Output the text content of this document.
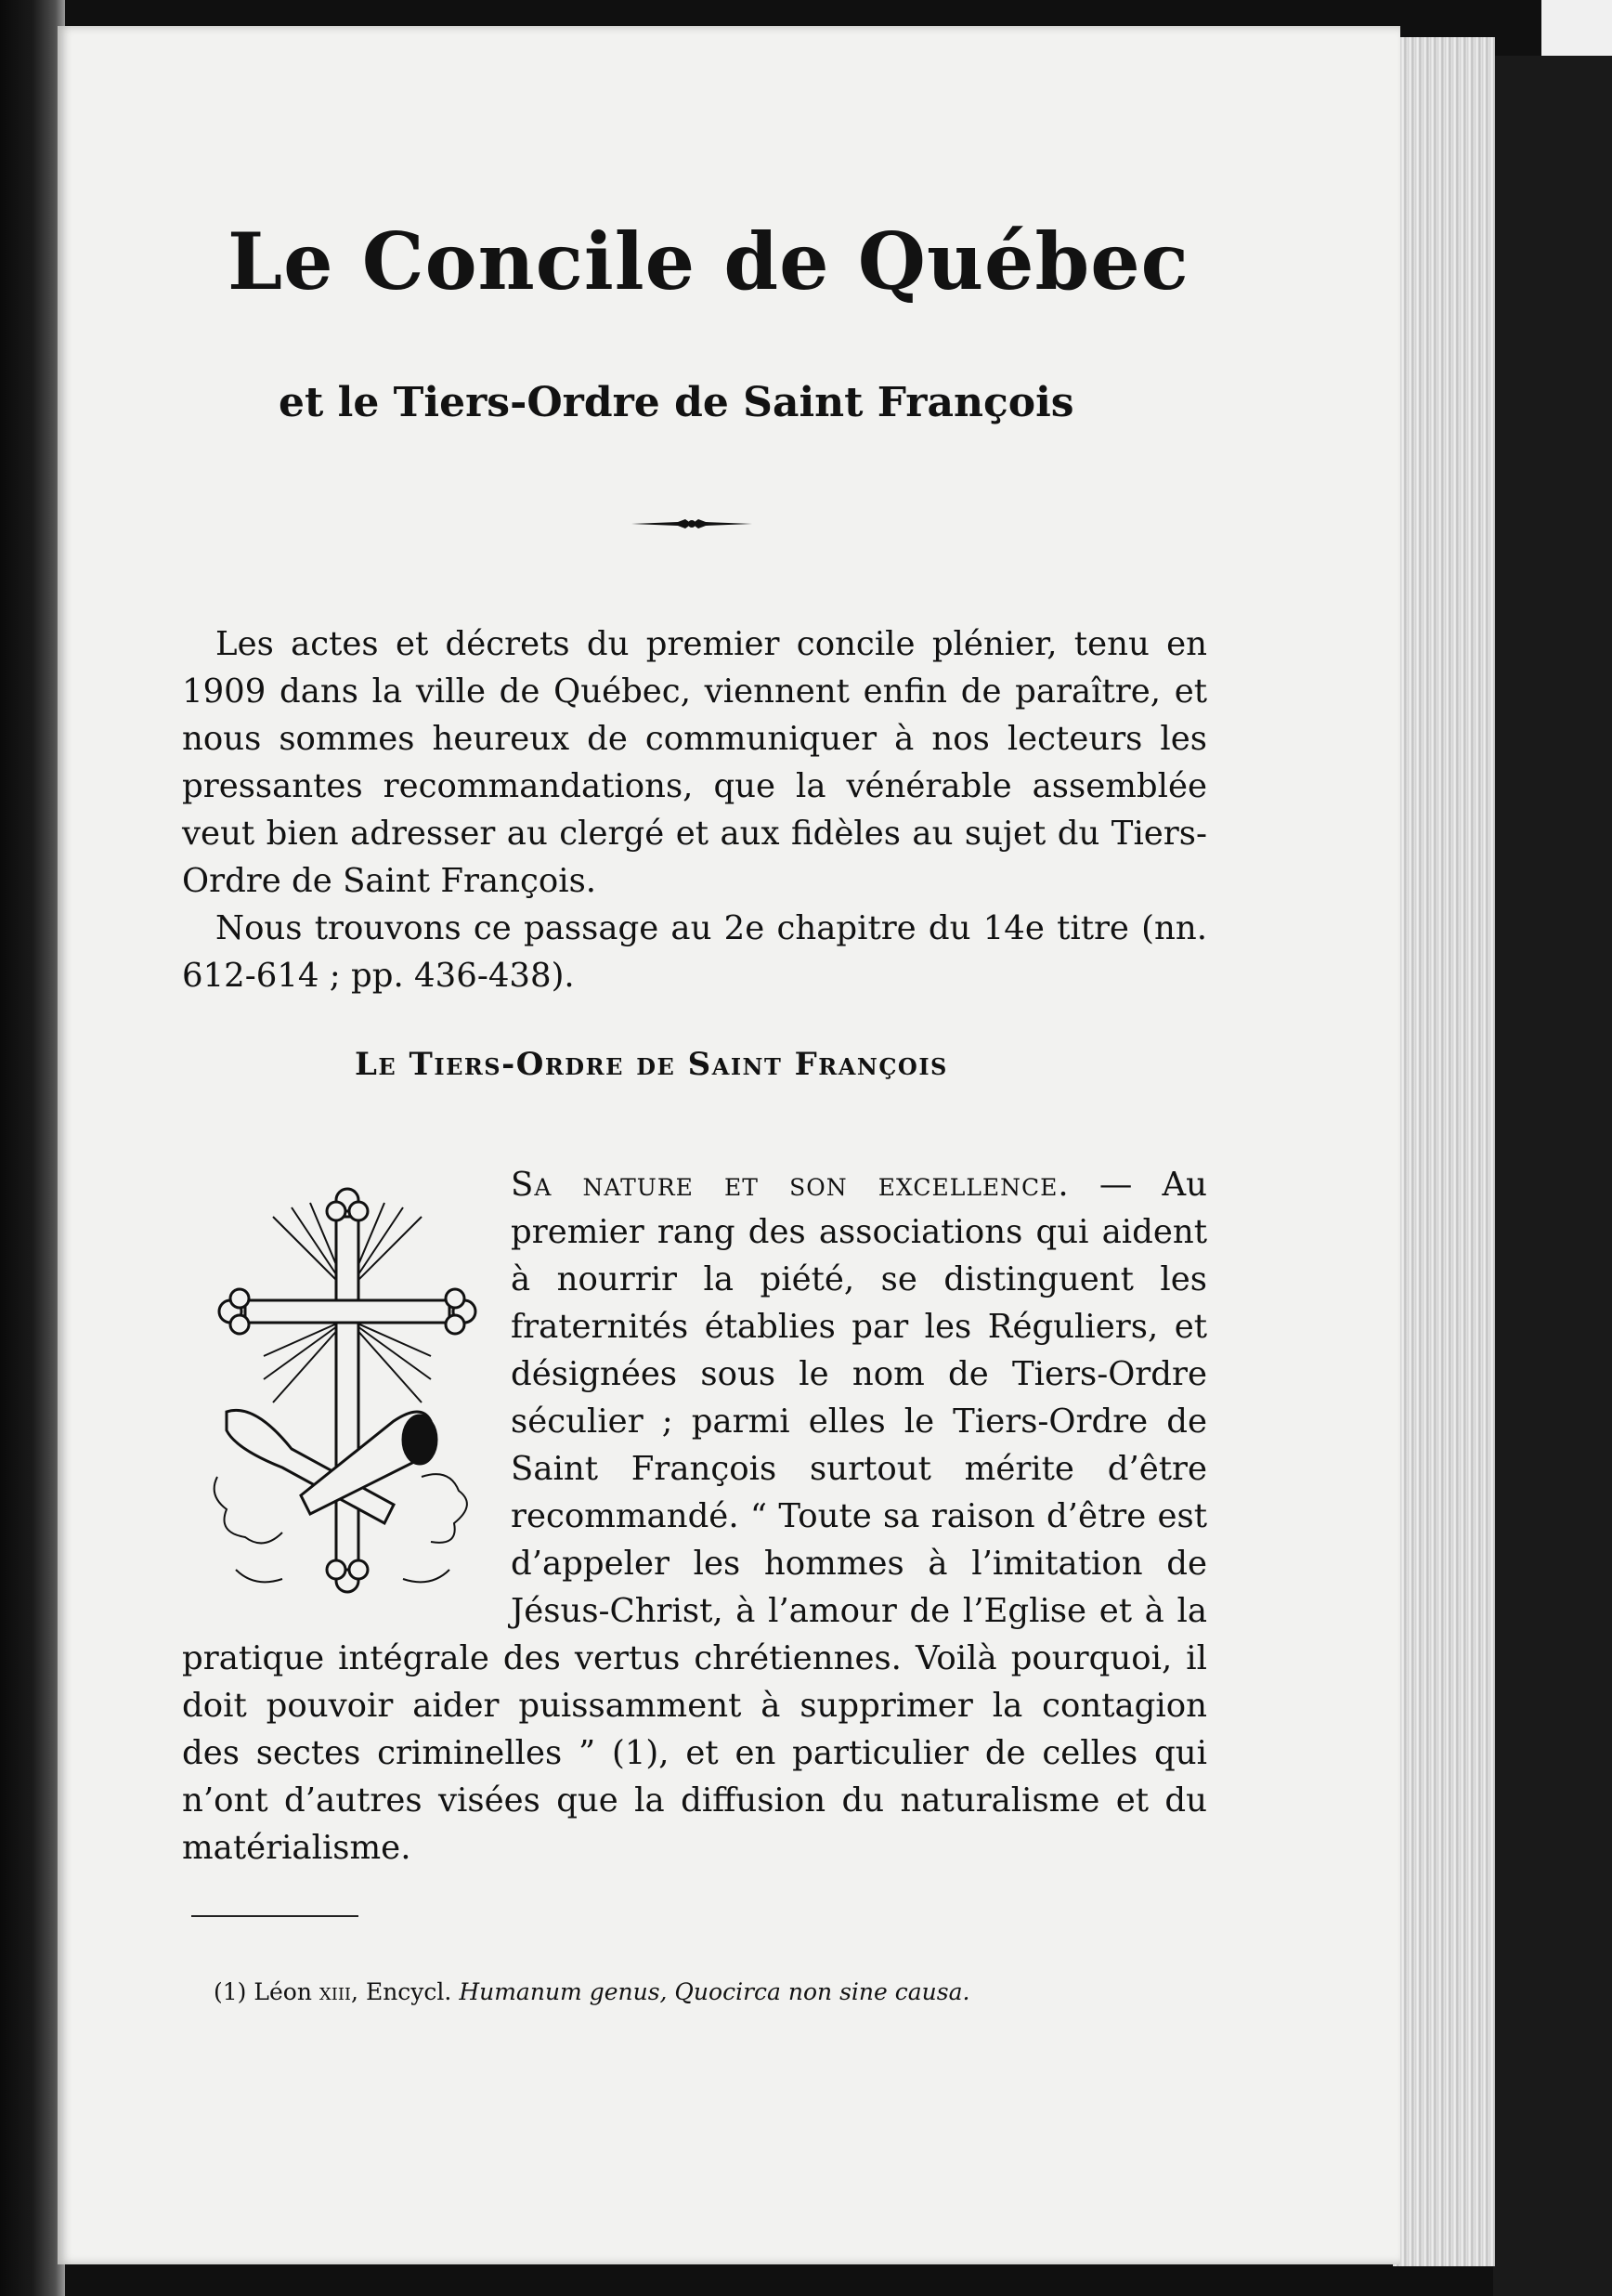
Le Concile de Québec
et le Tiers-Ordre de Saint François

Les actes et décrets du premier concile plénier, tenu en 1909 dans la ville de Québec, viennent enfin de paraître, et nous sommes heureux de communiquer à nos lecteurs les pressantes recommandations, que la vénérable assemblée veut bien adresser au clergé et aux fidèles au sujet du Tiers-Ordre de Saint François.

Nous trouvons ce passage au 2e chapitre du 14e titre (nn. 612-614 ; pp. 436-438).

Le Tiers-Ordre de Saint François

Sa nature et son excellence. — Au premier rang des associations qui aident à nourrir la piété, se distinguent les fraternités établies par les Réguliers, et désignées sous le nom de Tiers-Ordre séculier ; parmi elles le Tiers-Ordre de Saint François surtout mérite d’être recommandé. “ Toute sa raison d’être est d’appeler les hommes à l’imitation de Jésus-Christ, à l’amour de l’Eglise et à la pratique intégrale des vertus chrétiennes. Voilà pourquoi, il doit pouvoir aider puissamment à supprimer la contagion des sectes criminelles ” (1), et en particulier de celles qui n’ont d’autres visées que la diffusion du naturalisme et du matérialisme.

(1) Léon xiii, Encycl. Humanum genus, Quocirca non sine causa.
